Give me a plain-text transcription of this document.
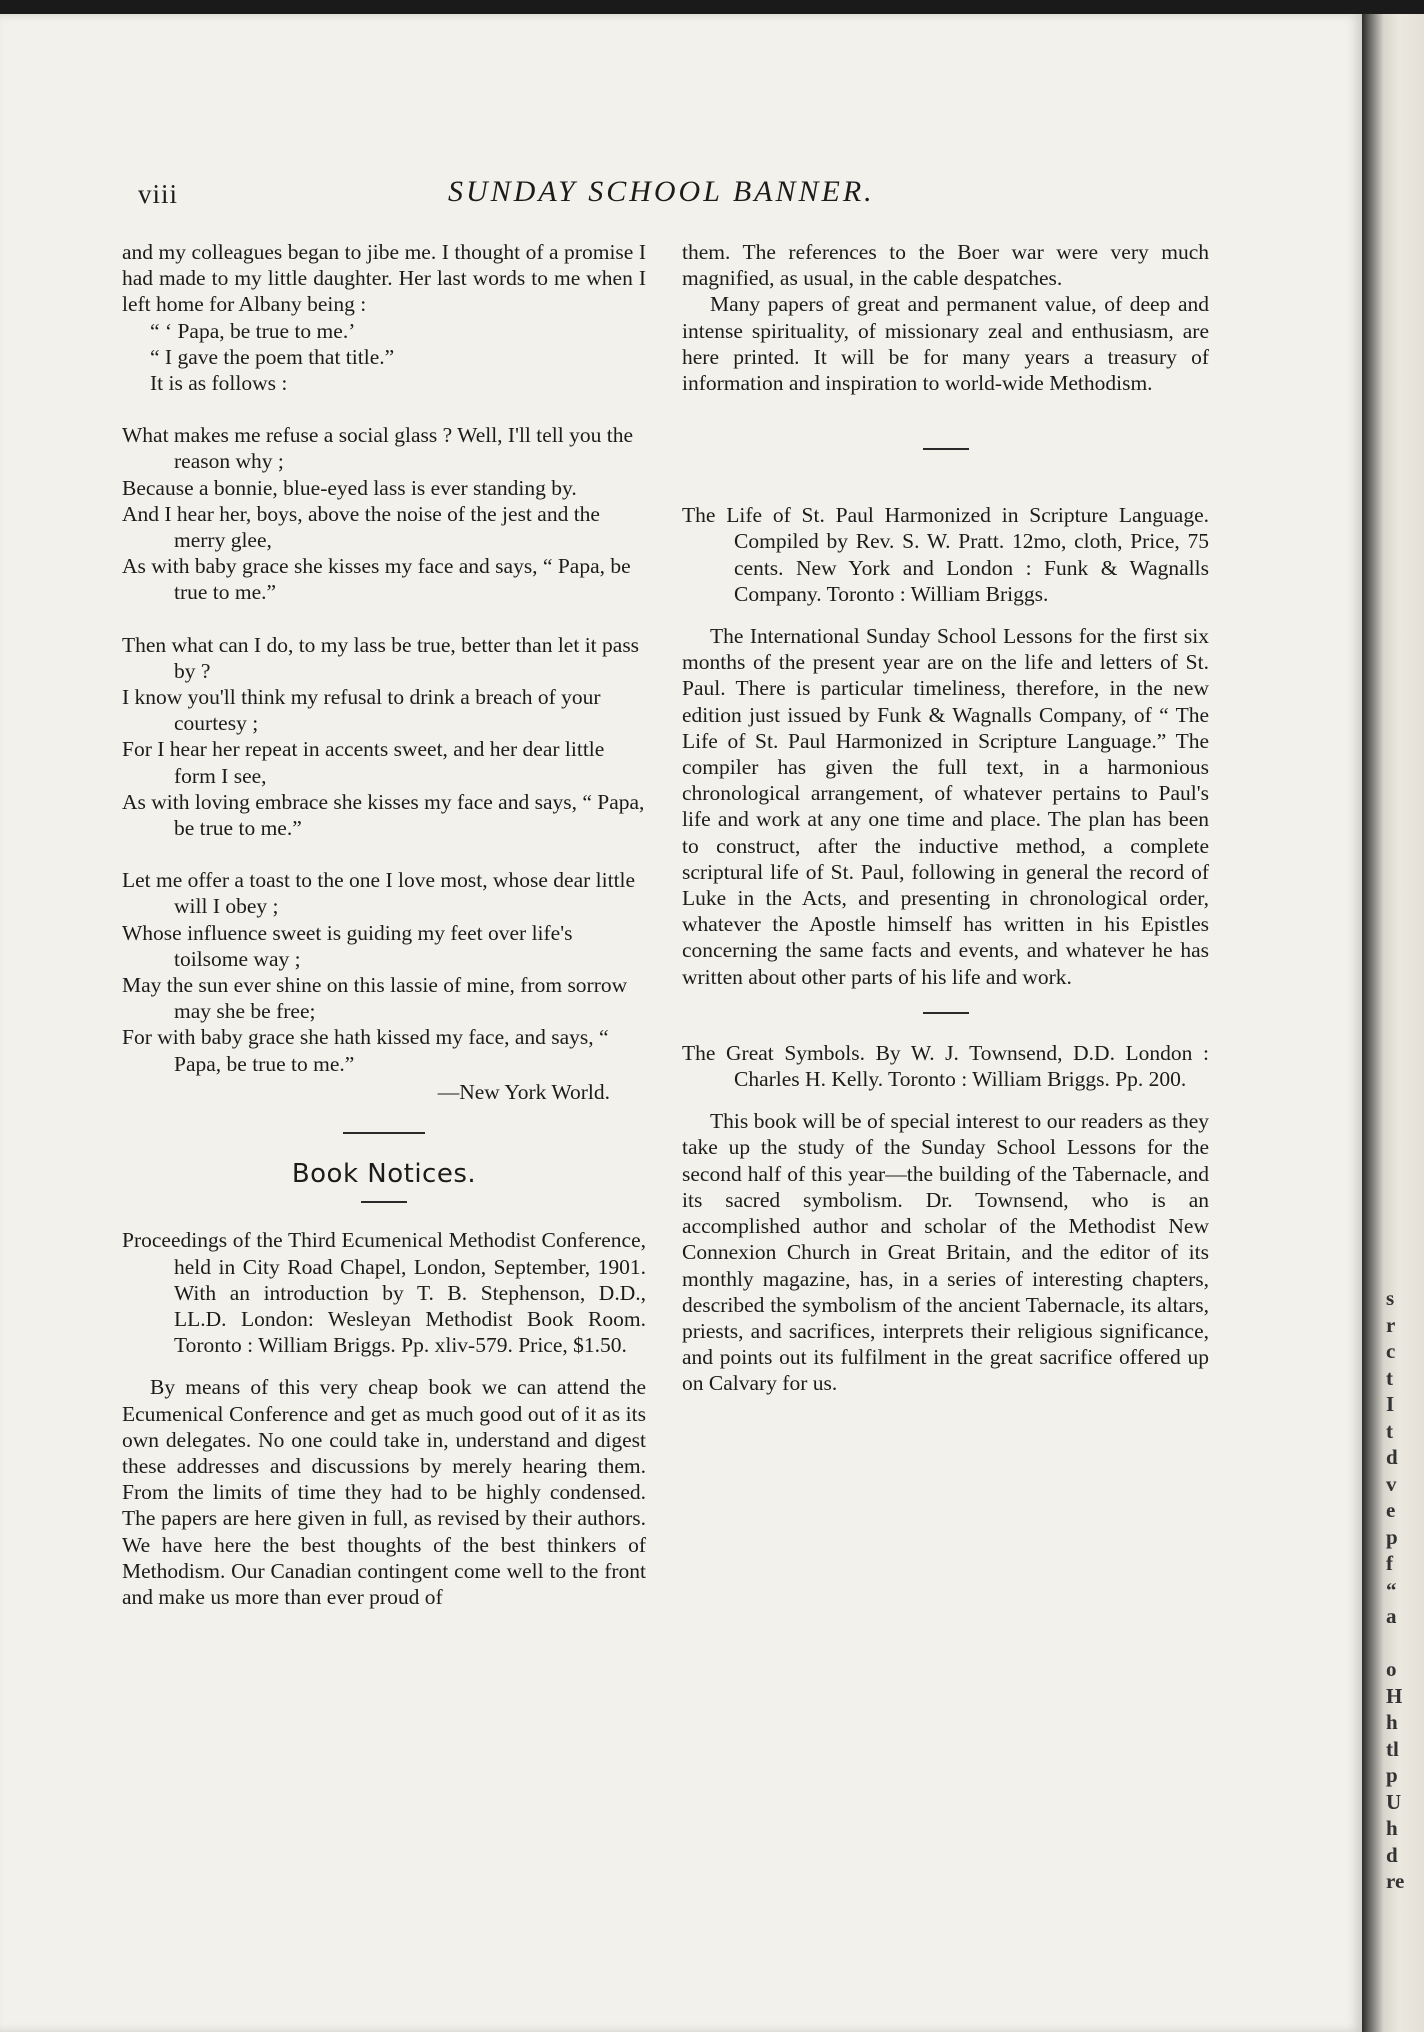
viii	SUNDAY SCHOOL BANNER.

and my colleagues began to jibe me. I thought of a promise I had made to my little daughter. Her last words to me when I left home for Albany being :

“ ‘ Papa, be true to me.’
“ I gave the poem that title.”
It is as follows :
What makes me refuse a social glass ? Well, I'll tell you the reason why ;
Because a bonnie, blue-eyed lass is ever standing by.
And I hear her, boys, above the noise of the jest and the merry glee,
As with baby grace she kisses my face and says, “ Papa, be true to me.”
Then what can I do, to my lass be true, better than let it pass by ?
I know you'll think my refusal to drink a breach of your courtesy ;
For I hear her repeat in accents sweet, and her dear little form I see,
As with loving embrace she kisses my face and says, “ Papa, be true to me.”
Let me offer a toast to the one I love most, whose dear little will I obey ;
Whose influence sweet is guiding my feet over life's toilsome way ;
May the sun ever shine on this lassie of mine, from sorrow may she be free;
For with baby grace she hath kissed my face, and says, “ Papa, be true to me.”
—New York World.
Book Notices.
Proceedings of the Third Ecumenical Methodist Conference, held in City Road Chapel, London, September, 1901. With an introduction by T. B. Stephenson, D.D., LL.D. London: Wesleyan Methodist Book Room. Toronto : William Briggs. Pp. xliv-579. Price, $1.50.

By means of this very cheap book we can attend the Ecumenical Conference and get as much good out of it as its own delegates. No one could take in, understand and digest these addresses and discussions by merely hearing them. From the limits of time they had to be highly condensed. The papers are here given in full, as revised by their authors. We have here the best thoughts of the best thinkers of Methodism. Our Canadian contingent come well to the front and make us more than ever proud of

them. The references to the Boer war were very much magnified, as usual, in the cable despatches.

Many papers of great and permanent value, of deep and intense spirituality, of missionary zeal and enthusiasm, are here printed. It will be for many years a treasury of information and inspiration to world-wide Methodism.

The Life of St. Paul Harmonized in Scripture Language. Compiled by Rev. S. W. Pratt. 12mo, cloth, Price, 75 cents. New York and London : Funk & Wagnalls Company. Toronto : William Briggs.

The International Sunday School Lessons for the first six months of the present year are on the life and letters of St. Paul. There is particular timeliness, therefore, in the new edition just issued by Funk & Wagnalls Company, of “ The Life of St. Paul Harmonized in Scripture Language.” The compiler has given the full text, in a harmonious chronological arrangement, of whatever pertains to Paul's life and work at any one time and place. The plan has been to construct, after the inductive method, a complete scriptural life of St. Paul, following in general the record of Luke in the Acts, and presenting in chronological order, whatever the Apostle himself has written in his Epistles concerning the same facts and events, and whatever he has written about other parts of his life and work.

The Great Symbols. By W. J. Townsend, D.D. London : Charles H. Kelly. Toronto : William Briggs. Pp. 200.

This book will be of special interest to our readers as they take up the study of the Sunday School Lessons for the second half of this year—the building of the Tabernacle, and its sacred symbolism. Dr. Townsend, who is an accomplished author and scholar of the Methodist New Connexion Church in Great Britain, and the editor of its monthly magazine, has, in a series of interesting chapters, described the symbolism of the ancient Tabernacle, its altars, priests, and sacrifices, interprets their religious significance, and points out its fulfilment in the great sacrifice offered up on Calvary for us.

s
r
c
t
I
t
d
v
e
p
f
“
a
o
H
h
tl
p
U
h
d
re
